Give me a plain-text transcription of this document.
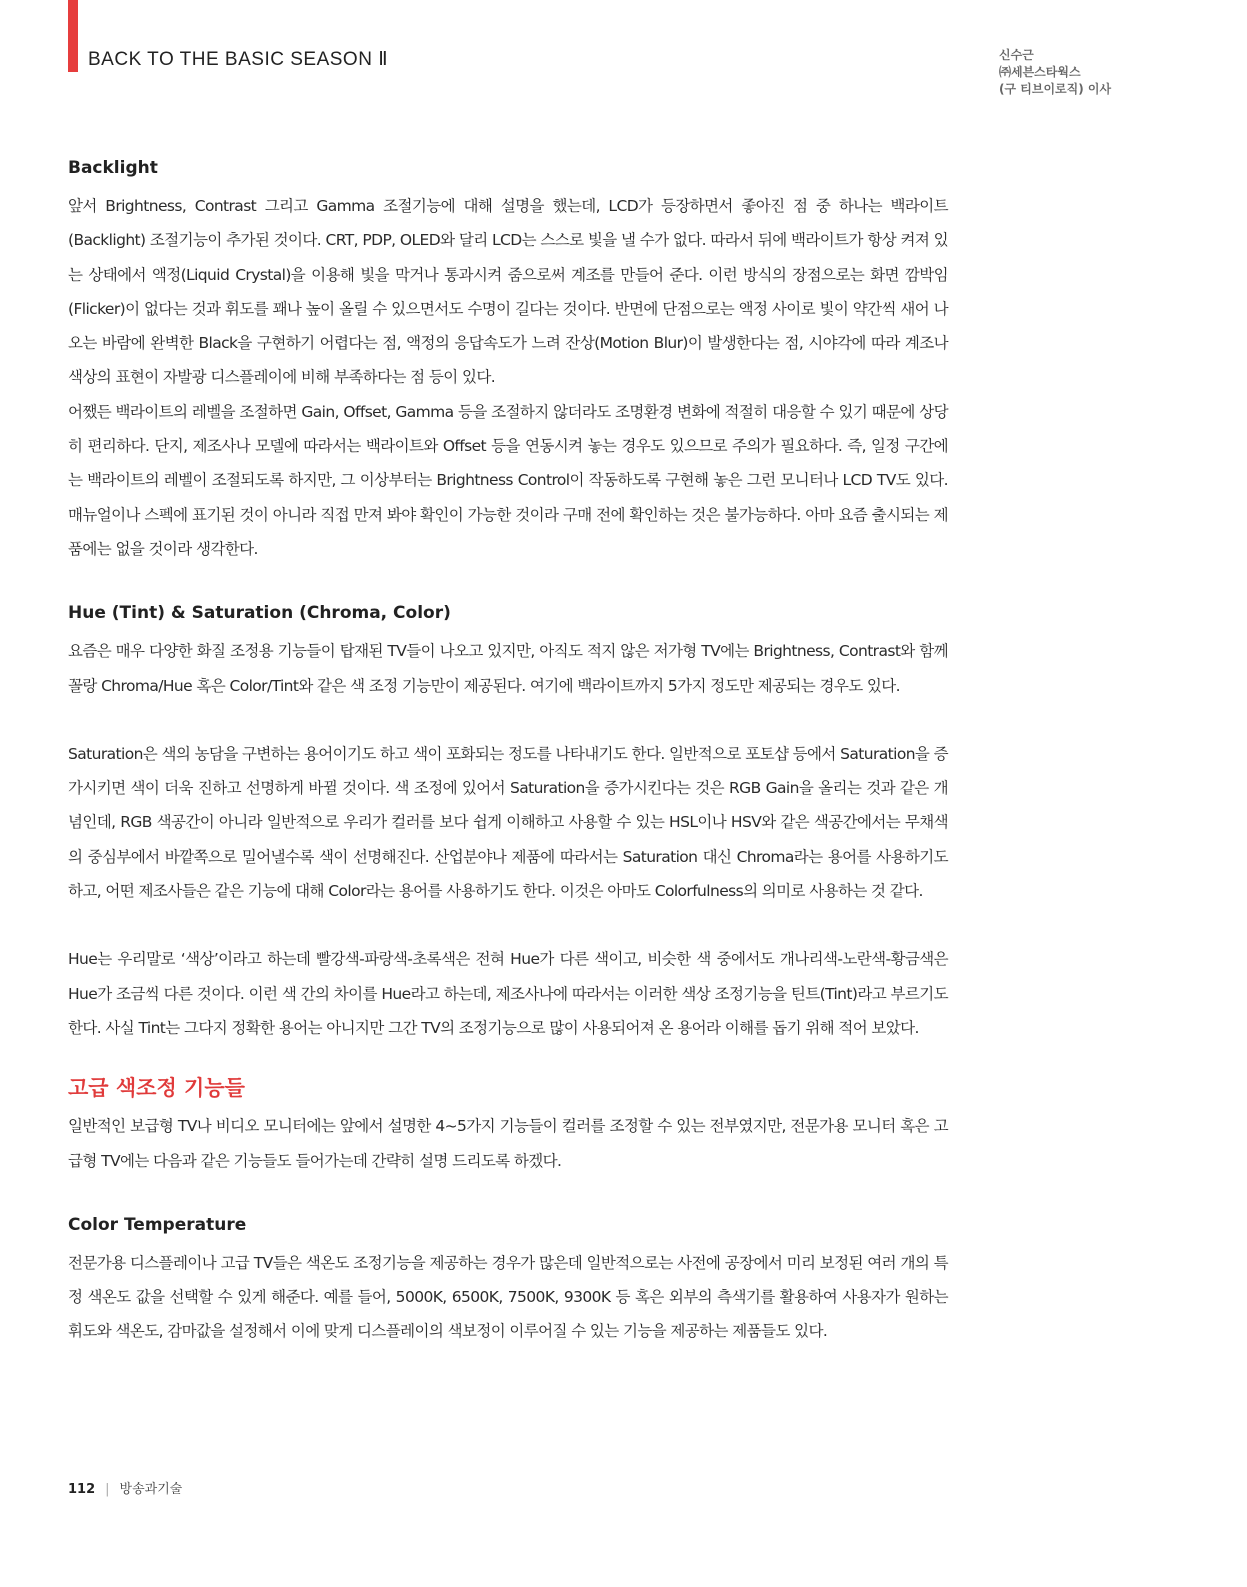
BACK TO THE BASIC SEASON Ⅱ	신수근
㈜세븐스타웍스
(구 티브이로직) 이사
Backlight

앞서 Brightness, Contrast 그리고 Gamma 조절기능에 대해 설명을 했는데, LCD가 등장하면서 좋아진 점 중 하나는 백라이트(Backlight) 조절기능이 추가된 것이다. CRT, PDP, OLED와 달리 LCD는 스스로 빛을 낼 수가 없다. 따라서 뒤에 백라이트가 항상 켜져 있는 상태에서 액정(Liquid Crystal)을 이용해 빛을 막거나 통과시켜 줌으로써 계조를 만들어 준다. 이런 방식의 장점으로는 화면 깜박임(Flicker)이 없다는 것과 휘도를 꽤나 높이 올릴 수 있으면서도 수명이 길다는 것이다. 반면에 단점으로는 액정 사이로 빛이 약간씩 새어 나오는 바람에 완벽한 Black을 구현하기 어렵다는 점, 액정의 응답속도가 느려 잔상(Motion Blur)이 발생한다는 점, 시야각에 따라 계조나 색상의 표현이 자발광 디스플레이에 비해 부족하다는 점 등이 있다.

어쨌든 백라이트의 레벨을 조절하면 Gain, Offset, Gamma 등을 조절하지 않더라도 조명환경 변화에 적절히 대응할 수 있기 때문에 상당히 편리하다. 단지, 제조사나 모델에 따라서는 백라이트와 Offset 등을 연동시켜 놓는 경우도 있으므로 주의가 필요하다. 즉, 일정 구간에는 백라이트의 레벨이 조절되도록 하지만, 그 이상부터는 Brightness Control이 작동하도록 구현해 놓은 그런 모니터나 LCD TV도 있다. 매뉴얼이나 스펙에 표기된 것이 아니라 직접 만져 봐야 확인이 가능한 것이라 구매 전에 확인하는 것은 불가능하다. 아마 요즘 출시되는 제품에는 없을 것이라 생각한다.

Hue (Tint) & Saturation (Chroma, Color)

요즘은 매우 다양한 화질 조정용 기능들이 탑재된 TV들이 나오고 있지만, 아직도 적지 않은 저가형 TV에는 Brightness, Contrast와 함께 꼴랑 Chroma/Hue 혹은 Color/Tint와 같은 색 조정 기능만이 제공된다. 여기에 백라이트까지 5가지 정도만 제공되는 경우도 있다.

Saturation은 색의 농담을 구변하는 용어이기도 하고 색이 포화되는 정도를 나타내기도 한다. 일반적으로 포토샵 등에서 Saturation을 증가시키면 색이 더욱 진하고 선명하게 바뀔 것이다. 색 조정에 있어서 Saturation을 증가시킨다는 것은 RGB Gain을 올리는 것과 같은 개념인데, RGB 색공간이 아니라 일반적으로 우리가 컬러를 보다 쉽게 이해하고 사용할 수 있는 HSL이나 HSV와 같은 색공간에서는 무채색의 중심부에서 바깥쪽으로 밀어낼수록 색이 선명해진다. 산업분야나 제품에 따라서는 Saturation 대신 Chroma라는 용어를 사용하기도 하고, 어떤 제조사들은 같은 기능에 대해 Color라는 용어를 사용하기도 한다. 이것은 아마도 Colorfulness의 의미로 사용하는 것 같다.

Hue는 우리말로 ‘색상’이라고 하는데 빨강색-파랑색-초록색은 전혀 Hue가 다른 색이고, 비슷한 색 중에서도 개나리색-노란색-황금색은 Hue가 조금씩 다른 것이다. 이런 색 간의 차이를 Hue라고 하는데, 제조사나에 따라서는 이러한 색상 조정기능을 틴트(Tint)라고 부르기도 한다. 사실 Tint는 그다지 정확한 용어는 아니지만 그간 TV의 조정기능으로 많이 사용되어져 온 용어라 이해를 돕기 위해 적어 보았다.

고급 색조정 기능들

일반적인 보급형 TV나 비디오 모니터에는 앞에서 설명한 4~5가지 기능들이 컬러를 조정할 수 있는 전부였지만, 전문가용 모니터 혹은 고급형 TV에는 다음과 같은 기능들도 들어가는데 간략히 설명 드리도록 하겠다.

Color Temperature

전문가용 디스플레이나 고급 TV들은 색온도 조정기능을 제공하는 경우가 많은데 일반적으로는 사전에 공장에서 미리 보정된 여러 개의 특정 색온도 값을 선택할 수 있게 해준다. 예를 들어, 5000K, 6500K, 7500K, 9300K 등 혹은 외부의 측색기를 활용하여 사용자가 원하는 휘도와 색온도, 감마값을 설정해서 이에 맞게 디스플레이의 색보정이 이루어질 수 있는 기능을 제공하는 제품들도 있다.

112 | 방송과기술
